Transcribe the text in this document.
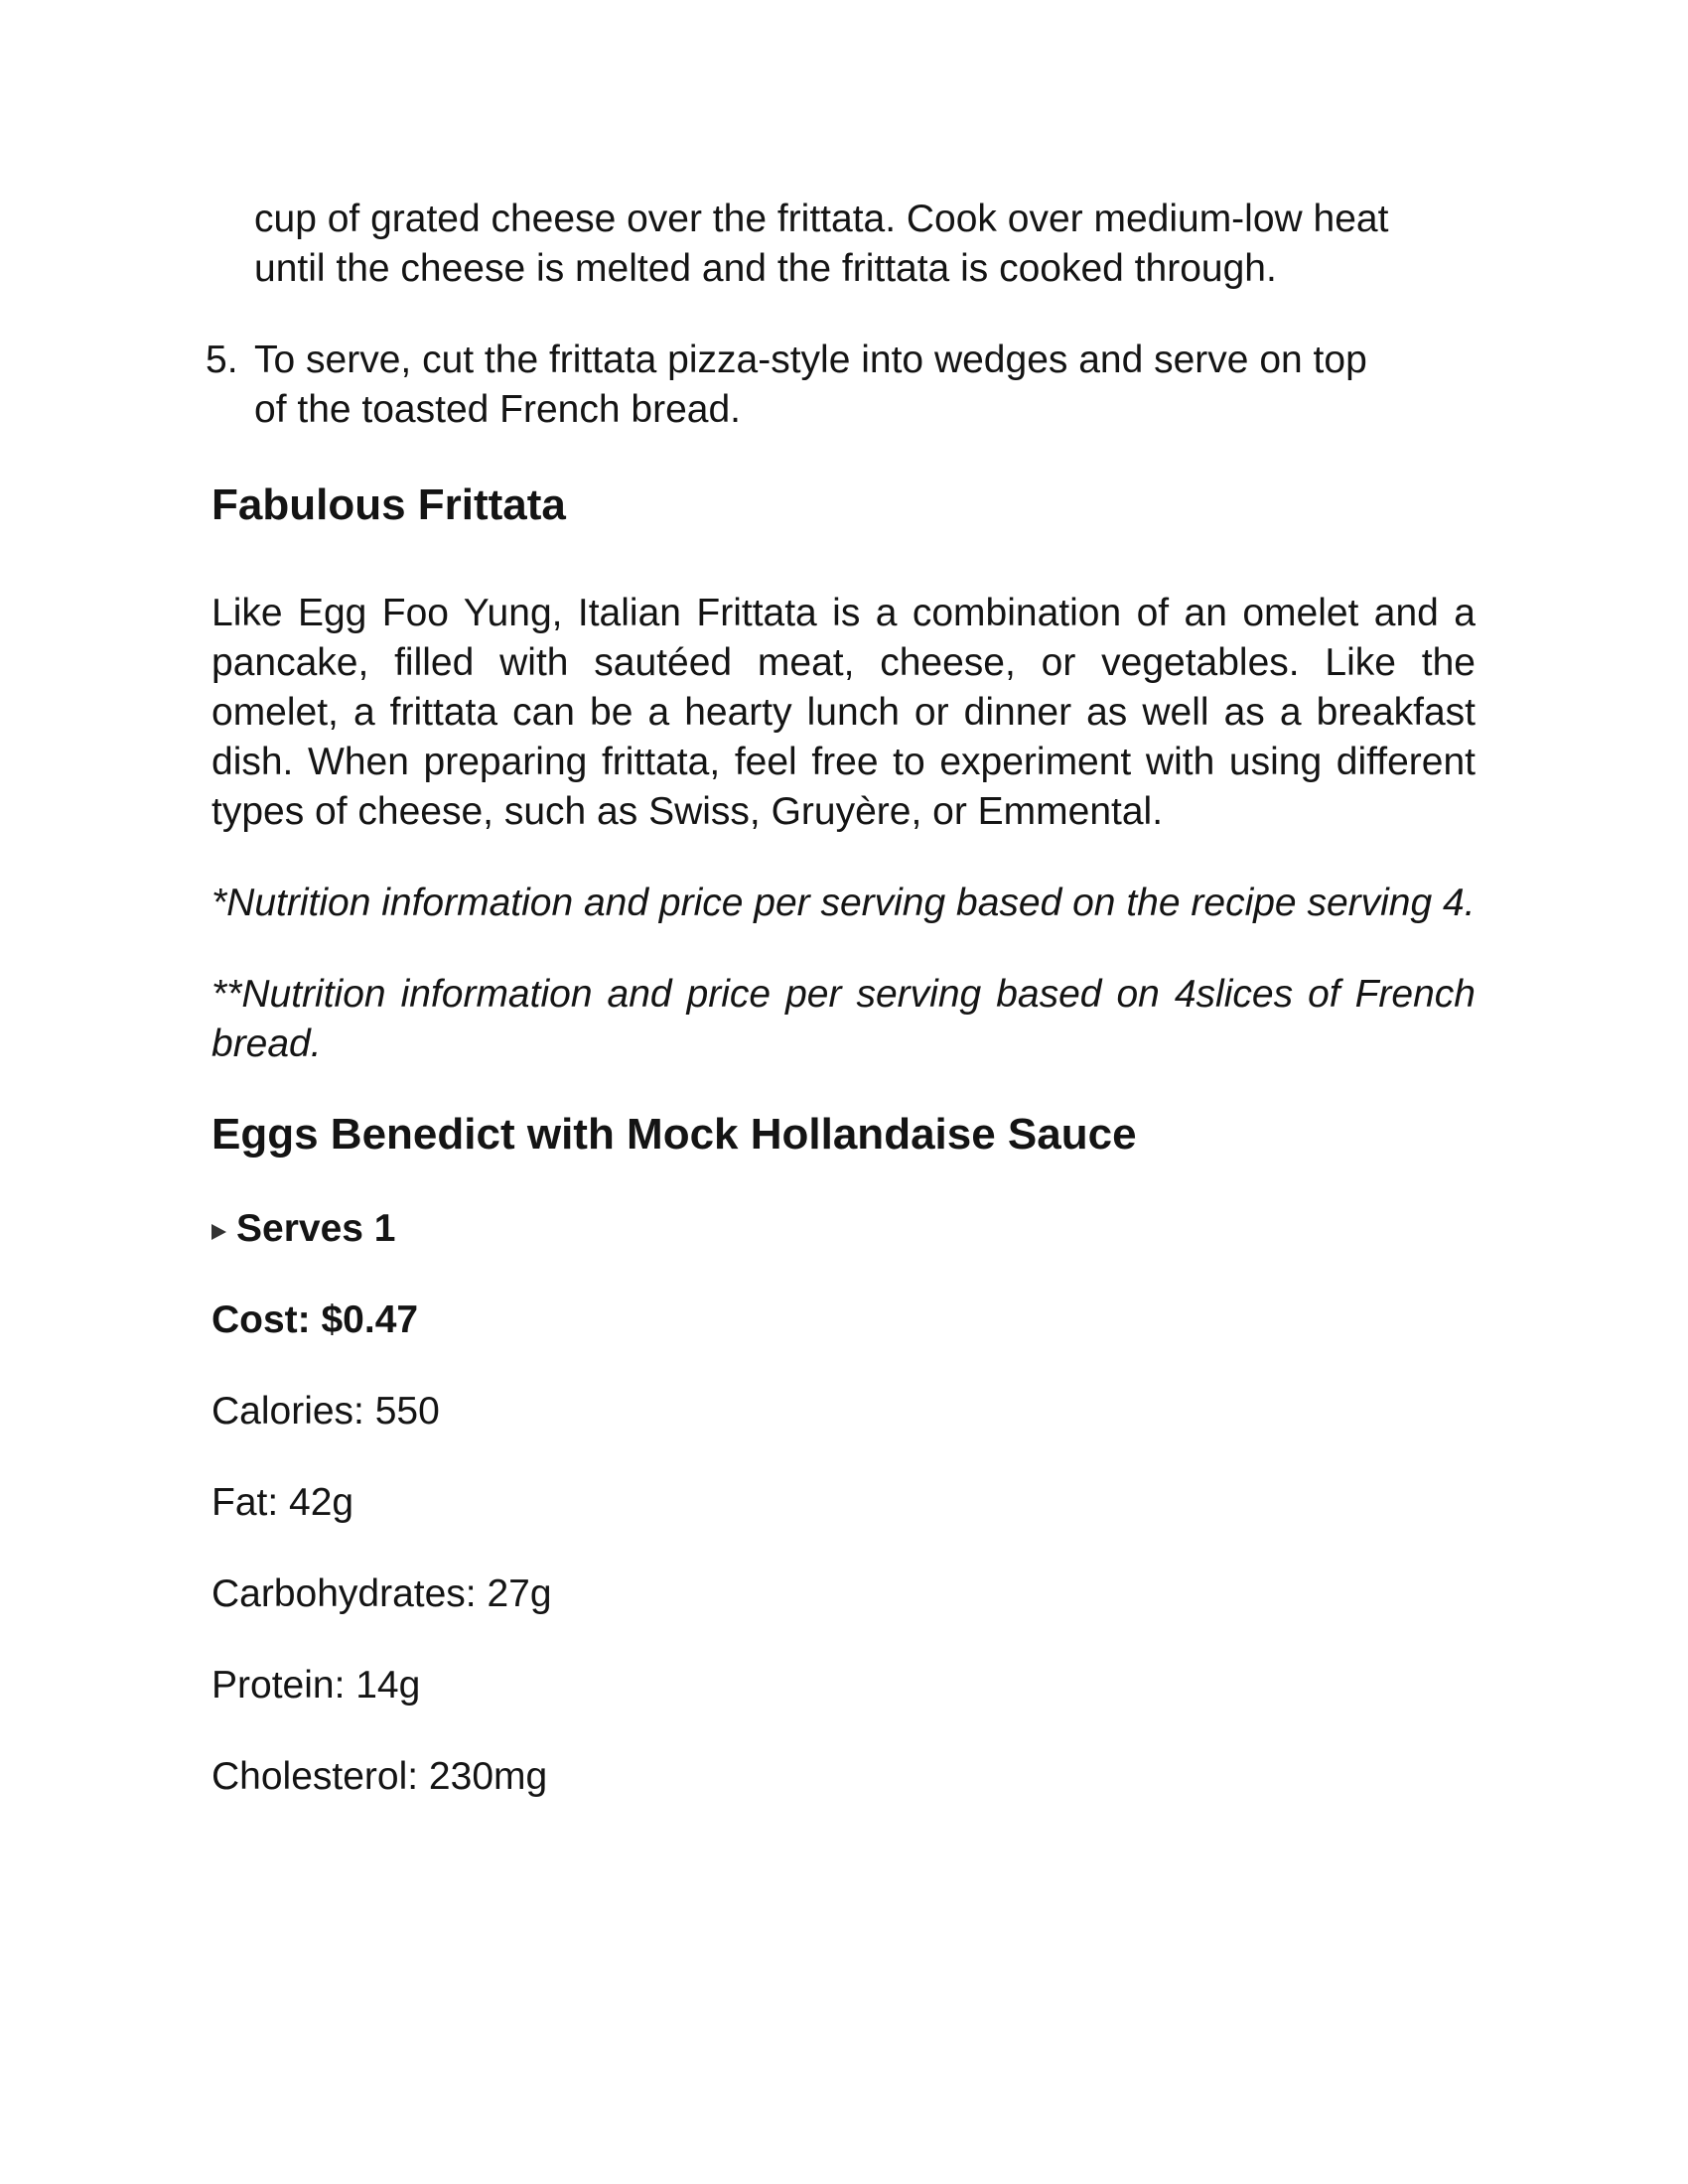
cup of grated cheese over the frittata. Cook over medium-low heat
until the cheese is melted and the frittata is cooked through.
5. To serve, cut the frittata pizza-style into wedges and serve on top
of the toasted French bread.
Fabulous Frittata

Like Egg Foo Yung, Italian Frittata is a combination of an omelet and a pancake, filled with sautéed meat, cheese, or vegetables. Like the omelet, a frittata can be a hearty lunch or dinner as well as a breakfast dish. When preparing frittata, feel free to experiment with using different types of cheese, such as Swiss, Gruyère, or Emmental.

*Nutrition information and price per serving based on the recipe serving 4.

**Nutrition information and price per serving based on 4slices of French bread.

Eggs Benedict with Mock Hollandaise Sauce
Serves 1
Cost: $0.47
Calories: 550
Fat: 42g
Carbohydrates: 27g
Protein: 14g
Cholesterol: 230mg
